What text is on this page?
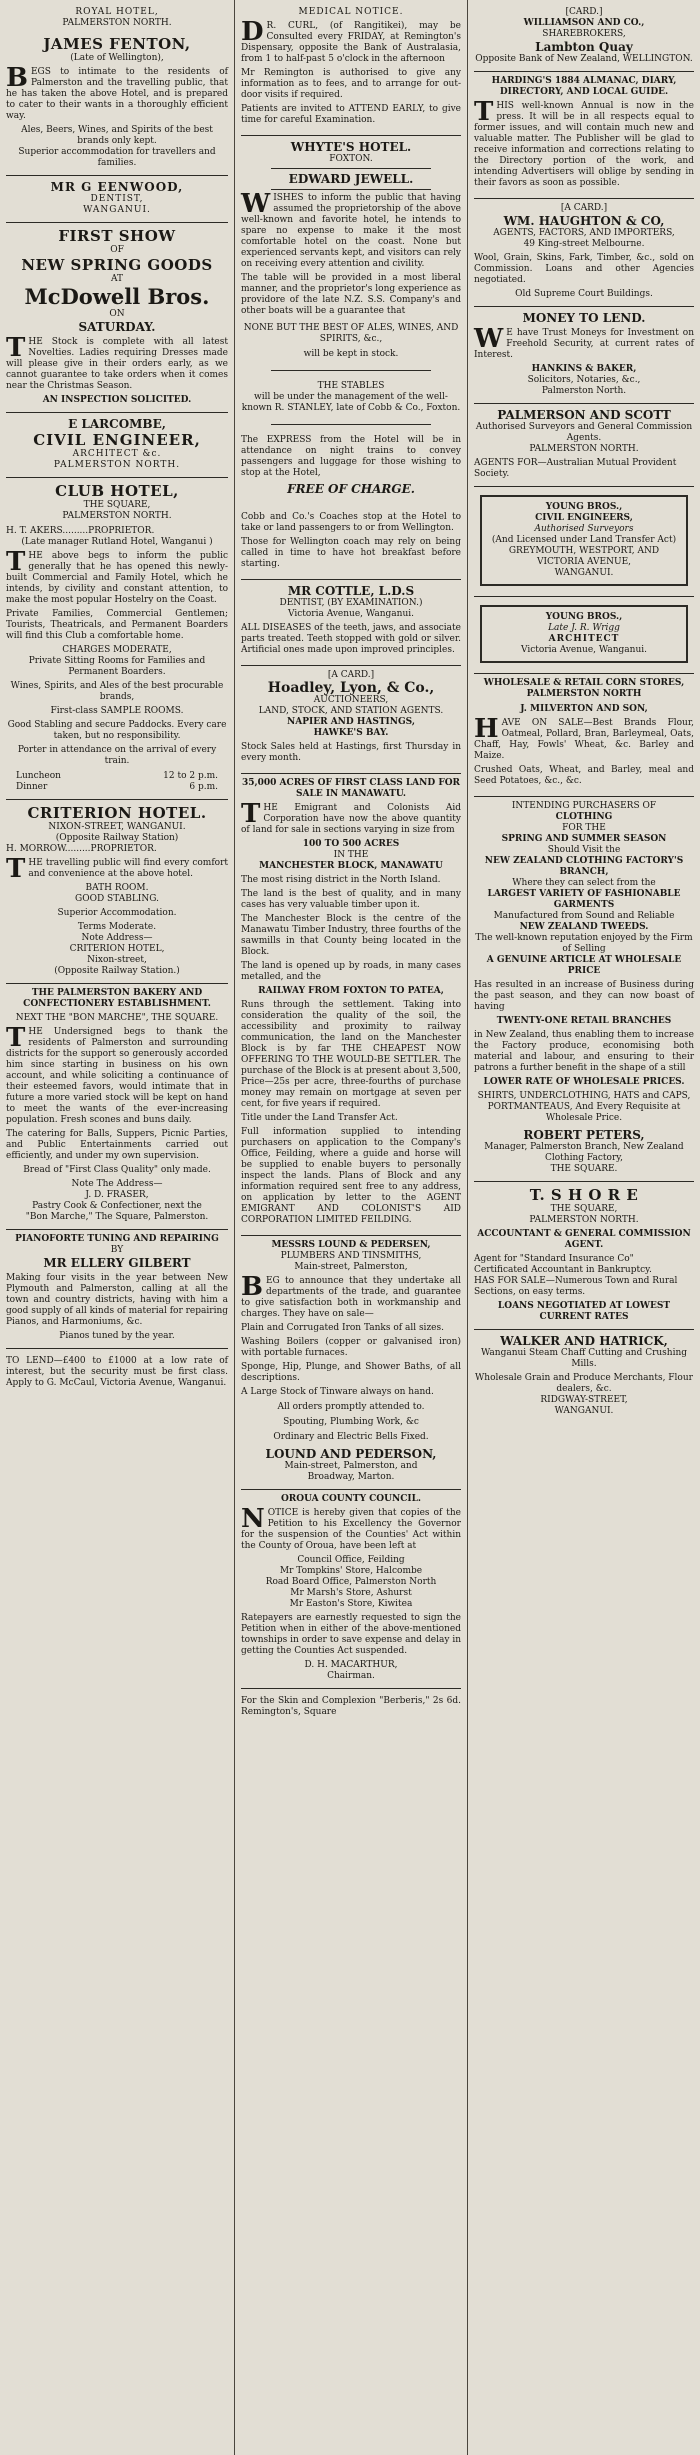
ROYAL HOTEL,
PALMERSTON NORTH.
JAMES FENTON,
(Late of Wellington),
BEGS to intimate to the residents of Palmerston and the travelling public, that he has taken the above Hotel, and is prepared to cater to their wants in a thoroughly efficient way.
Ales, Beers, Wines, and Spirits of the best brands only kept.
Superior accommodation for travellers and families.
MR G EENWOOD,
DENTIST,
WANGANUI.
FIRST SHOW
OF
NEW SPRING GOODS
AT
McDowell Bros.
ON
SATURDAY.
THE Stock is complete with all latest Novelties. Ladies requiring Dresses made will please give in their orders early, as we cannot guarantee to take orders when it comes near the Christmas Season.
AN INSPECTION SOLICITED.
E LARCOMBE,
CIVIL ENGINEER,
ARCHITECT &c.
PALMERSTON NORTH.
CLUB HOTEL,
THE SQUARE,
PALMERSTON NORTH.
H. T. AKERS.........PROPRIETOR.
(Late manager Rutland Hotel, Wanganui )
THE above begs to inform the public generally that he has opened this newly-built Commercial and Family Hotel, which he intends, by civility and constant attention, to make the most popular Hostelry on the Coast.
Private Families, Commercial Gentlemen; Tourists, Theatricals, and Permanent Boarders will find this Club a comfortable home.
CHARGES MODERATE,
Private Sitting Rooms for Families and Permanent Boarders.
Wines, Spirits, and Ales of the best procurable brands,
First-class SAMPLE ROOMS.
Good Stabling and secure Paddocks. Every care taken, but no responsibility.
Porter in attendance on the arrival of every train.
Luncheon	12 to 2 p.m.
Dinner	6 p.m.
CRITERION HOTEL.
NIXON-STREET, WANGANUI.
(Opposite Railway Station)
H. MORROW.........PROPRIETOR.
THE travelling public will find every comfort and convenience at the above hotel.
BATH ROOM.
GOOD STABLING.
Superior Accommodation.
Terms Moderate.
Note Address—
CRITERION HOTEL,
Nixon-street,
(Opposite Railway Station.)
THE PALMERSTON BAKERY AND CONFECTIONERY ESTABLISHMENT.
NEXT THE "BON MARCHE", THE SQUARE.
THE Undersigned begs to thank the residents of Palmerston and surrounding districts for the support so generously accorded him since starting in business on his own account, and while soliciting a continuance of their esteemed favors, would intimate that in future a more varied stock will be kept on hand to meet the wants of the ever-increasing population. Fresh scones and buns daily.
The catering for Balls, Suppers, Picnic Parties, and Public Entertainments carried out efficiently, and under my own supervision.
Bread of "First Class Quality" only made.
Note The Address—
J. D. FRASER,
Pastry Cook & Confectioner, next the
"Bon Marche," The Square, Palmerston.
PIANOFORTE TUNING AND REPAIRING
BY
MR ELLERY GILBERT
Making four visits in the year between New Plymouth and Palmerston, calling at all the town and country districts, having with him a good supply of all kinds of material for repairing Pianos, and Harmoniums, &c.
Pianos tuned by the year.
TO LEND—£400 to £1000 at a low rate of interest, but the security must be first class. Apply to G. McCaul, Victoria Avenue, Wanganui.
MEDICAL NOTICE.
D R. CURL, (of Rangitikei), may be Consulted every FRIDAY, at Remington's Dispensary, opposite the Bank of Australasia, from 1 to half-past 5 o'clock in the afternoon
Mr Remington is authorised to give any information as to fees, and to arrange for out-door visits if required.
Patients are invited to ATTEND EARLY, to give time for careful Examination.
WHYTE'S HOTEL.
FOXTON.
EDWARD JEWELL.
WISHES to inform the public that having assumed the proprietorship of the above well-known and favorite hotel, he intends to spare no expense to make it the most comfortable hotel on the coast. None but experienced servants kept, and visitors can rely on receiving every attention and civility.
The table will be provided in a most liberal manner, and the proprietor's long experience as providore of the late N.Z. S.S. Company's and other boats will be a guarantee that
NONE BUT THE BEST OF ALES, WINES, AND SPIRITS, &c.,
will be kept in stock.
THE STABLES
will be under the management of the well-known R. STANLEY, late of Cobb & Co., Foxton.
The EXPRESS from the Hotel will be in attendance on night trains to convey passengers and luggage for those wishing to stop at the Hotel,
FREE OF CHARGE.
Cobb and Co.'s Coaches stop at the Hotel to take or land passengers to or from Wellington.
Those for Wellington coach may rely on being called in time to have hot breakfast before starting.
MR COTTLE, L.D.S
DENTIST, (BY EXAMINATION.)
Victoria Avenue, Wanganui.
ALL DISEASES of the teeth, jaws, and associate parts treated. Teeth stopped with gold or silver. Artificial ones made upon improved principles.
[A CARD.]
Hoadley, Lyon, & Co.,
AUCTIONEERS,
LAND, STOCK, AND STATION AGENTS.
NAPIER AND HASTINGS,
HAWKE'S BAY.
Stock Sales held at Hastings, first Thursday in every month.
35,000 ACRES OF FIRST CLASS LAND FOR SALE IN MANAWATU.
THE Emigrant and Colonists Aid Corporation have now the above quantity of land for sale in sections varying in size from
100 TO 500 ACRES
IN THE
MANCHESTER BLOCK, MANAWATU
The most rising district in the North Island.
The land is the best of quality, and in many cases has very valuable timber upon it.
The Manchester Block is the centre of the Manawatu Timber Industry, three fourths of the sawmills in that County being located in the Block.
The land is opened up by roads, in many cases metalled, and the
RAILWAY FROM FOXTON TO PATEA,
Runs through the settlement. Taking into consideration the quality of the soil, the accessibility and proximity to railway communication, the land on the Manchester Block is by far THE CHEAPEST NOW OFFERING TO THE WOULD-BE SETTLER. The purchase of the Block is at present about 3,500, Price—25s per acre, three-fourths of purchase money may remain on mortgage at seven per cent, for five years if required.
Title under the Land Transfer Act.
Full information supplied to intending purchasers on application to the Company's Office, Feilding, where a guide and horse will be supplied to enable buyers to personally inspect the lands. Plans of Block and any information required sent free to any address, on application by letter to the AGENT EMIGRANT AND COLONIST'S AID CORPORATION LIMITED FEILDING.
MESSRS LOUND & PEDERSEN,
PLUMBERS AND TINSMITHS,
Main-street, Palmerston,
BEG to announce that they undertake all departments of the trade, and guarantee to give satisfaction both in workmanship and charges. They have on sale—
Plain and Corrugated Iron Tanks of all sizes.
Washing Boilers (copper or galvanised iron) with portable furnaces.
Sponge, Hip, Plunge, and Shower Baths, of all descriptions.
A Large Stock of Tinware always on hand.
All orders promptly attended to.
Spouting, Plumbing Work, &c
Ordinary and Electric Bells Fixed.
LOUND AND PEDERSON,
Main-street, Palmerston, and
Broadway, Marton.
OROUA COUNTY COUNCIL.
NOTICE is hereby given that copies of the Petition to his Excellency the Governor for the suspension of the Counties' Act within the County of Oroua, have been left at
Council Office, Feilding
Mr Tompkins' Store, Halcombe
Road Board Office, Palmerston North
Mr Marsh's Store, Ashurst
Mr Easton's Store, Kiwitea
Ratepayers are earnestly requested to sign the Petition when in either of the above-mentioned townships in order to save expense and delay in getting the Counties Act suspended.
D. H. MACARTHUR,
Chairman.
For the Skin and Complexion "Berberis," 2s 6d. Remington's, Square
[CARD.]
WILLIAMSON AND CO.,
SHAREBROKERS,
Lambton Quay
Opposite Bank of New Zealand, WELLINGTON.
HARDING'S 1884 ALMANAC, DIARY, DIRECTORY, AND LOCAL GUIDE.
THIS well-known Annual is now in the press. It will be in all respects equal to former issues, and will contain much new and valuable matter. The Publisher will be glad to receive information and corrections relating to the Directory portion of the work, and intending Advertisers will oblige by sending in their favors as soon as possible.
[A CARD.]
WM. HAUGHTON & CO,
AGENTS, FACTORS, AND IMPORTERS,
49 King-street Melbourne.
Wool, Grain, Skins, Fark, Timber, &c., sold on Commission. Loans and other Agencies negotiated.
Old Supreme Court Buildings.
MONEY TO LEND.
W E have Trust Moneys for Investment on Freehold Security, at current rates of Interest.
HANKINS & BAKER,
Solicitors, Notaries, &c.,
Palmerston North.
PALMERSON AND SCOTT
Authorised Surveyors and General Commission Agents.
PALMERSTON NORTH.
AGENTS FOR—Australian Mutual Provident Society.
YOUNG BROS.,
CIVIL ENGINEERS,
Authorised Surveyors
(And Licensed under Land Transfer Act)
GREYMOUTH, WESTPORT, AND
VICTORIA AVENUE,
WANGANUI.
YOUNG BROS.,
Late J. R. Wrigg
ARCHITECT
Victoria Avenue, Wanganui.
WHOLESALE & RETAIL CORN STORES,
PALMERSTON NORTH
J. MILVERTON AND SON,
HAVE ON SALE—Best Brands Flour, Oatmeal, Pollard, Bran, Barleymeal, Oats, Chaff, Hay, Fowls' Wheat, &c. Barley and Maize.
Crushed Oats, Wheat, and Barley, meal and Seed Potatoes, &c., &c.
INTENDING PURCHASERS OF
CLOTHING
FOR THE
SPRING AND SUMMER SEASON
Should Visit the
NEW ZEALAND CLOTHING FACTORY'S BRANCH,
Where they can select from the
LARGEST VARIETY OF FASHIONABLE GARMENTS
Manufactured from Sound and Reliable
NEW ZEALAND TWEEDS.
The well-known reputation enjoyed by the Firm of Selling
A GENUINE ARTICLE AT WHOLESALE PRICE
Has resulted in an increase of Business during the past season, and they can now boast of having
TWENTY-ONE RETAIL BRANCHES
in New Zealand, thus enabling them to increase the Factory produce, economising both material and labour, and ensuring to their patrons a further benefit in the shape of a still
LOWER RATE OF WHOLESALE PRICES.
SHIRTS, UNDERCLOTHING, HATS and CAPS, PORTMANTEAUS, And Every Requisite at Wholesale Price.
ROBERT PETERS,
Manager, Palmerston Branch, New Zealand Clothing Factory,
THE SQUARE.
T. S H O R E
THE SQUARE,
PALMERSTON NORTH.
ACCOUNTANT & GENERAL COMMISSION AGENT.
Agent for "Standard Insurance Co"
Certificated Accountant in Bankruptcy.
HAS FOR SALE—Numerous Town and Rural Sections, on easy terms.
LOANS NEGOTIATED AT LOWEST CURRENT RATES
WALKER AND HATRICK,
Wanganui Steam Chaff Cutting and Crushing Mills.
Wholesale Grain and Produce Merchants, Flour dealers, &c.
RIDGWAY-STREET,
WANGANUI.
